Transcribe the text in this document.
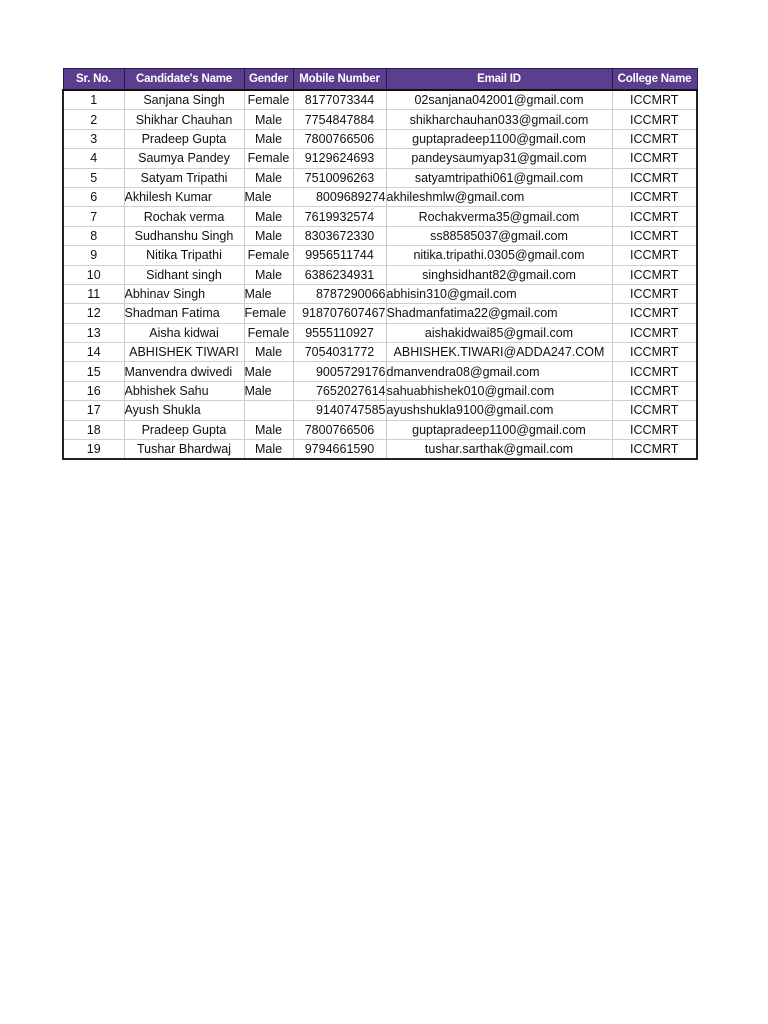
Sr. No.	Candidate's Name	Gender	Mobile Number	Email ID	College Name
1	Sanjana Singh	Female	8177073344	02sanjana042001@gmail.com	ICCMRT
2	Shikhar Chauhan	Male	7754847884	shikharchauhan033@gmail.com	ICCMRT
3	Pradeep Gupta	Male	7800766506	guptapradeep1100@gmail.com	ICCMRT
4	Saumya Pandey	Female	9129624693	pandeysaumyap31@gmail.com	ICCMRT
5	Satyam Tripathi	Male	7510096263	satyamtripathi061@gmail.com	ICCMRT
6	Akhilesh Kumar	Male	8009689274	akhileshmlw@gmail.com	ICCMRT
7	Rochak verma	Male	7619932574	Rochakverma35@gmail.com	ICCMRT
8	Sudhanshu Singh	Male	8303672330	ss88585037@gmail.com	ICCMRT
9	Nitika Tripathi	Female	9956511744	nitika.tripathi.0305@gmail.com	ICCMRT
10	Sidhant singh	Male	6386234931	singhsidhant82@gmail.com	ICCMRT
11	Abhinav Singh	Male	8787290066	abhisin310@gmail.com	ICCMRT
12	Shadman Fatima	Female	918707607467	Shadmanfatima22@gmail.com	ICCMRT
13	Aisha kidwai	Female	9555110927	aishakidwai85@gmail.com	ICCMRT
14	ABHISHEK TIWARI	Male	7054031772	ABHISHEK.TIWARI@ADDA247.COM	ICCMRT
15	Manvendra dwivedi	Male	9005729176	dmanvendra08@gmail.com	ICCMRT
16	Abhishek Sahu	Male	7652027614	sahuabhishek010@gmail.com	ICCMRT
17	Ayush Shukla		9140747585	ayushshukla9100@gmail.com	ICCMRT
18	Pradeep Gupta	Male	7800766506	guptapradeep1100@gmail.com	ICCMRT
19	Tushar Bhardwaj	Male	9794661590	tushar.sarthak@gmail.com	ICCMRT
